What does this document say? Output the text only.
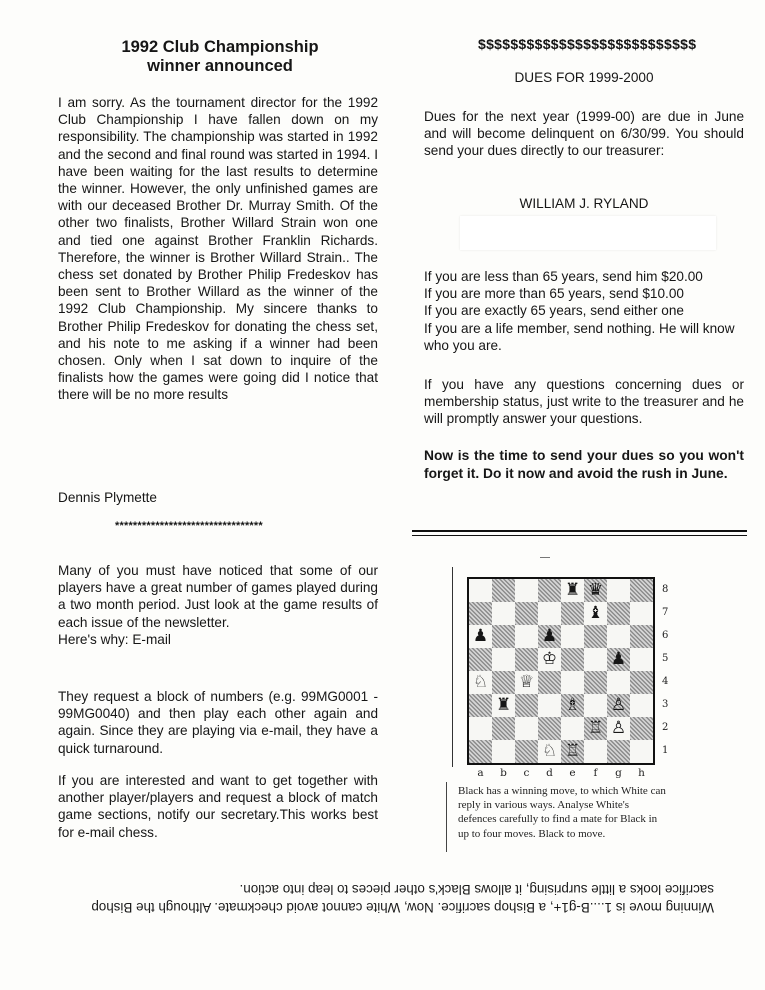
1992 Club Championship
winner announced
I am sorry. As the tournament director for the 1992 Club Championship I have fallen down on my responsibility. The championship was started in 1992 and the second and final round was started in 1994. I have been waiting for the last results to determine the winner. However, the only unfinished games are with our deceased Brother Dr. Murray Smith. Of the other two finalists, Brother Willard Strain won one and tied one against Brother Franklin Richards. Therefore, the winner is Brother Willard Strain.. The chess set donated by Brother Philip Fredeskov has been sent to Brother Willard as the winner of the 1992 Club Championship. My sincere thanks to Brother Philip Fredeskov for donating the chess set, and his note to me asking if a winner had been chosen. Only when I sat down to inquire of the finalists how the games were going did I notice that there will be no more results
Dennis Plymette
*********************************
Many of you must have noticed that some of our players have a great number of games played during a two month period. Just look at the game results of each issue of the newsletter.
Here's why: E-mail
They request a block of numbers (e.g. 99MG0001 - 99MG0040) and then play each other again and again. Since they are playing via e-mail, they have a quick turnaround.
If you are interested and want to get together with another player/players and request a block of match game sections, notify our secretary.This works best for e-mail chess.
$$$$$$$$$$$$$$$$$$$$$$$$$$$
DUES FOR 1999-2000
Dues for the next year (1999-00) are due in June and will become delinquent on 6/30/99. You should send your dues directly to our treasurer:
WILLIAM J. RYLAND
If you are less than 65 years, send him $20.00
If you are more than 65 years, send $10.00
If you are exactly 65 years, send either one
If you are a life member, send nothing. He will know who you are.
If you have any questions concerning dues or membership status, just write to the treasurer and he will promptly answer your questions.
Now is the time to send your dues so you won't forget it. Do it now and avoid the rush in June.
♜ ♛
♝
♟	♟
♔	♟
♘ ♕
♜	♗ ♙
♖ ♙
♘ ♖
8
7
6
5
4
3
2
1
a	b	c	d	e	f	g	h
Black has a winning move, to which White can reply in various ways. Analyse White's defences carefully to find a mate for Black in up to four moves. Black to move.
Winning move is 1....B-g1+, a Bishop sacrifice. Now, White cannot avoid checkmate. Although the Bishop sacrifice looks a little surprising, it allows Black's other pieces to leap into action.
